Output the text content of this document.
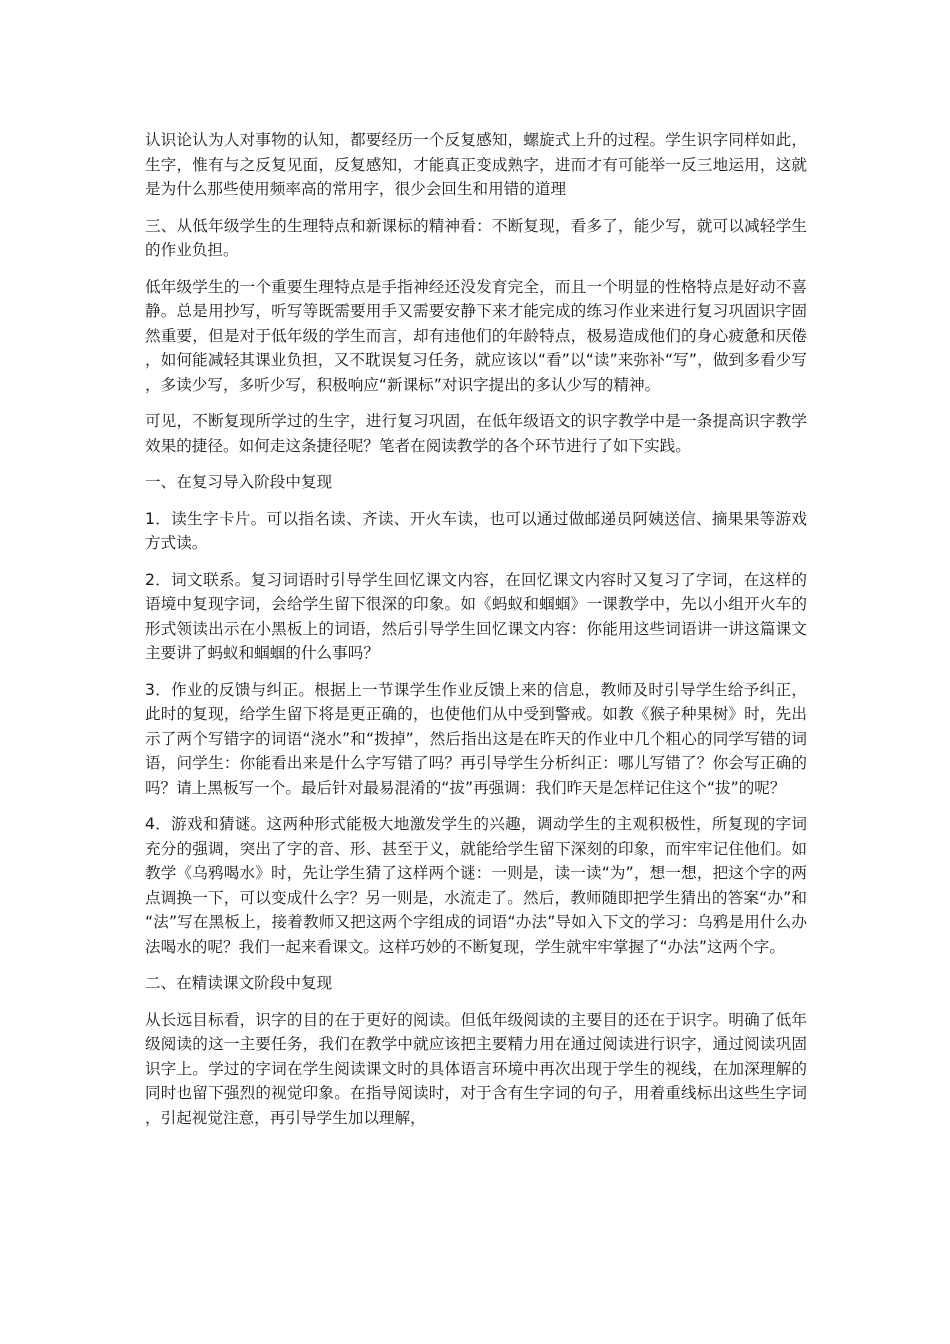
认识论认为人对事物的认知，都要经历一个反复感知，螺旋式上升的过程。学生识字同样如此，生字，惟有与之反复见面，反复感知，才能真正变成熟字，进而才有可能举一反三地运用，这就是为什么那些使用频率高的常用字，很少会回生和用错的道理

三、从低年级学生的生理特点和新课标的精神看：不断复现，看多了，能少写，就可以减轻学生的作业负担。

低年级学生的一个重要生理特点是手指神经还没发育完全，而且一个明显的性格特点是好动不喜静。总是用抄写，听写等既需要用手又需要安静下来才能完成的练习作业来进行复习巩固识字固然重要，但是对于低年级的学生而言，却有违他们的年龄特点，极易造成他们的身心疲惫和厌倦，如何能减轻其课业负担，又不耽误复习任务，就应该以“看”以“读”来弥补“写”，做到多看少写，多读少写，多听少写，积极响应“新课标”对识字提出的多认少写的精神。

可见，不断复现所学过的生字，进行复习巩固，在低年级语文的识字教学中是一条提高识字教学效果的捷径。如何走这条捷径呢？笔者在阅读教学的各个环节进行了如下实践。

一、在复习导入阶段中复现

1．读生字卡片。可以指名读、齐读、开火车读，也可以通过做邮递员阿姨送信、摘果果等游戏方式读。

2．词文联系。复习词语时引导学生回忆课文内容，在回忆课文内容时又复习了字词，在这样的语境中复现字词，会给学生留下很深的印象。如《蚂蚁和蝈蝈》一课教学中，先以小组开火车的形式领读出示在小黑板上的词语，然后引导学生回忆课文内容：你能用这些词语讲一讲这篇课文主要讲了蚂蚁和蝈蝈的什么事吗？

3．作业的反馈与纠正。根据上一节课学生作业反馈上来的信息，教师及时引导学生给予纠正，此时的复现，给学生留下将是更正确的，也使他们从中受到警戒。如教《猴子种果树》时，先出示了两个写错字的词语“浇水”和“拨掉”，然后指出这是在昨天的作业中几个粗心的同学写错的词语，问学生：你能看出来是什么字写错了吗？再引导学生分析纠正：哪儿写错了？你会写正确的吗？请上黑板写一个。最后针对最易混淆的“拔”再强调：我们昨天是怎样记住这个“拔”的呢？

4．游戏和猜谜。这两种形式能极大地激发学生的兴趣，调动学生的主观积极性，所复现的字词充分的强调，突出了字的音、形、甚至于义，就能给学生留下深刻的印象，而牢牢记住他们。如教学《乌鸦喝水》时，先让学生猜了这样两个谜：一则是，读一读“为”，想一想，把这个字的两点调换一下，可以变成什么字？另一则是，水流走了。然后，教师随即把学生猜出的答案“办”和“法”写在黑板上，接着教师又把这两个字组成的词语“办法”导如入下文的学习：乌鸦是用什么办法喝水的呢？我们一起来看课文。这样巧妙的不断复现，学生就牢牢掌握了“办法”这两个字。

二、在精读课文阶段中复现

从长远目标看，识字的目的在于更好的阅读。但低年级阅读的主要目的还在于识字。明确了低年级阅读的这一主要任务，我们在教学中就应该把主要精力用在通过阅读进行识字，通过阅读巩固识字上。学过的字词在学生阅读课文时的具体语言环境中再次出现于学生的视线，在加深理解的同时也留下强烈的视觉印象。在指导阅读时，对于含有生字词的句子，用着重线标出这些生字词，引起视觉注意，再引导学生加以理解，
